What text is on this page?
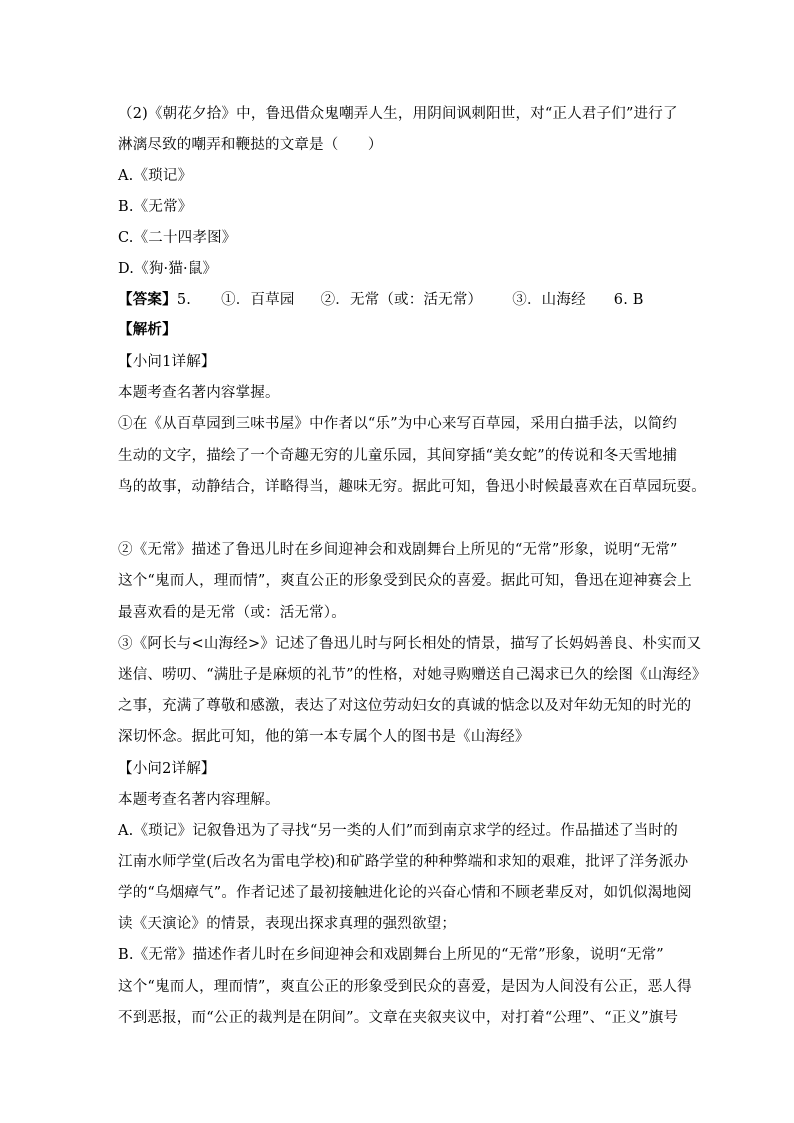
（2)《朝花夕拾》中，鲁迅借众鬼嘲弄人生，用阴间讽刺阳世，对“正人君子们”进行了
淋漓尽致的嘲弄和鞭挞的文章是（　　）
A.《琐记》
B.《无常》
C.《二十四孝图》
D.《狗·猫·鼠》
【答案】5. ①．百草园 ②．无常（或：活无常） ③．山海经 6. B
【解析】
【小问1详解】
本题考查名著内容掌握。
①在《从百草园到三味书屋》中作者以“乐”为中心来写百草园，采用白描手法，以简约
生动的文字，描绘了一个奇趣无穷的儿童乐园，其间穿插“美女蛇”的传说和冬天雪地捕
鸟的故事，动静结合，详略得当，趣味无穷。据此可知，鲁迅小时候最喜欢在百草园玩耍。
②《无常》描述了鲁迅儿时在乡间迎神会和戏剧舞台上所见的“无常”形象，说明“无常”
这个“鬼而人，理而情”，爽直公正的形象受到民众的喜爱。据此可知，鲁迅在迎神赛会上
最喜欢看的是无常（或：活无常）。
③《阿长与<山海经>》记述了鲁迅儿时与阿长相处的情景，描写了长妈妈善良、朴实而又
迷信、唠叨、“满肚子是麻烦的礼节”的性格，对她寻购赠送自己渴求已久的绘图《山海经》
之事，充满了尊敬和感激，表达了对这位劳动妇女的真诚的惦念以及对年幼无知的时光的
深切怀念。据此可知，他的第一本专属个人的图书是《山海经》
【小问2详解】
本题考查名著内容理解。
A.《琐记》记叙鲁迅为了寻找“另一类的人们”而到南京求学的经过。作品描述了当时的
江南水师学堂(后改名为雷电学校)和矿路学堂的种种弊端和求知的艰难，批评了洋务派办
学的“乌烟瘴气”。作者记述了最初接触进化论的兴奋心情和不顾老辈反对，如饥似渴地阅
读《天演论》的情景，表现出探求真理的强烈欲望；
B.《无常》描述作者儿时在乡间迎神会和戏剧舞台上所见的“无常”形象，说明“无常”
这个“鬼而人，理而情”，爽直公正的形象受到民众的喜爱，是因为人间没有公正，恶人得
不到恶报，而“公正的裁判是在阴间”。文章在夹叙夹议中，对打着“公理”、“正义”旗号
